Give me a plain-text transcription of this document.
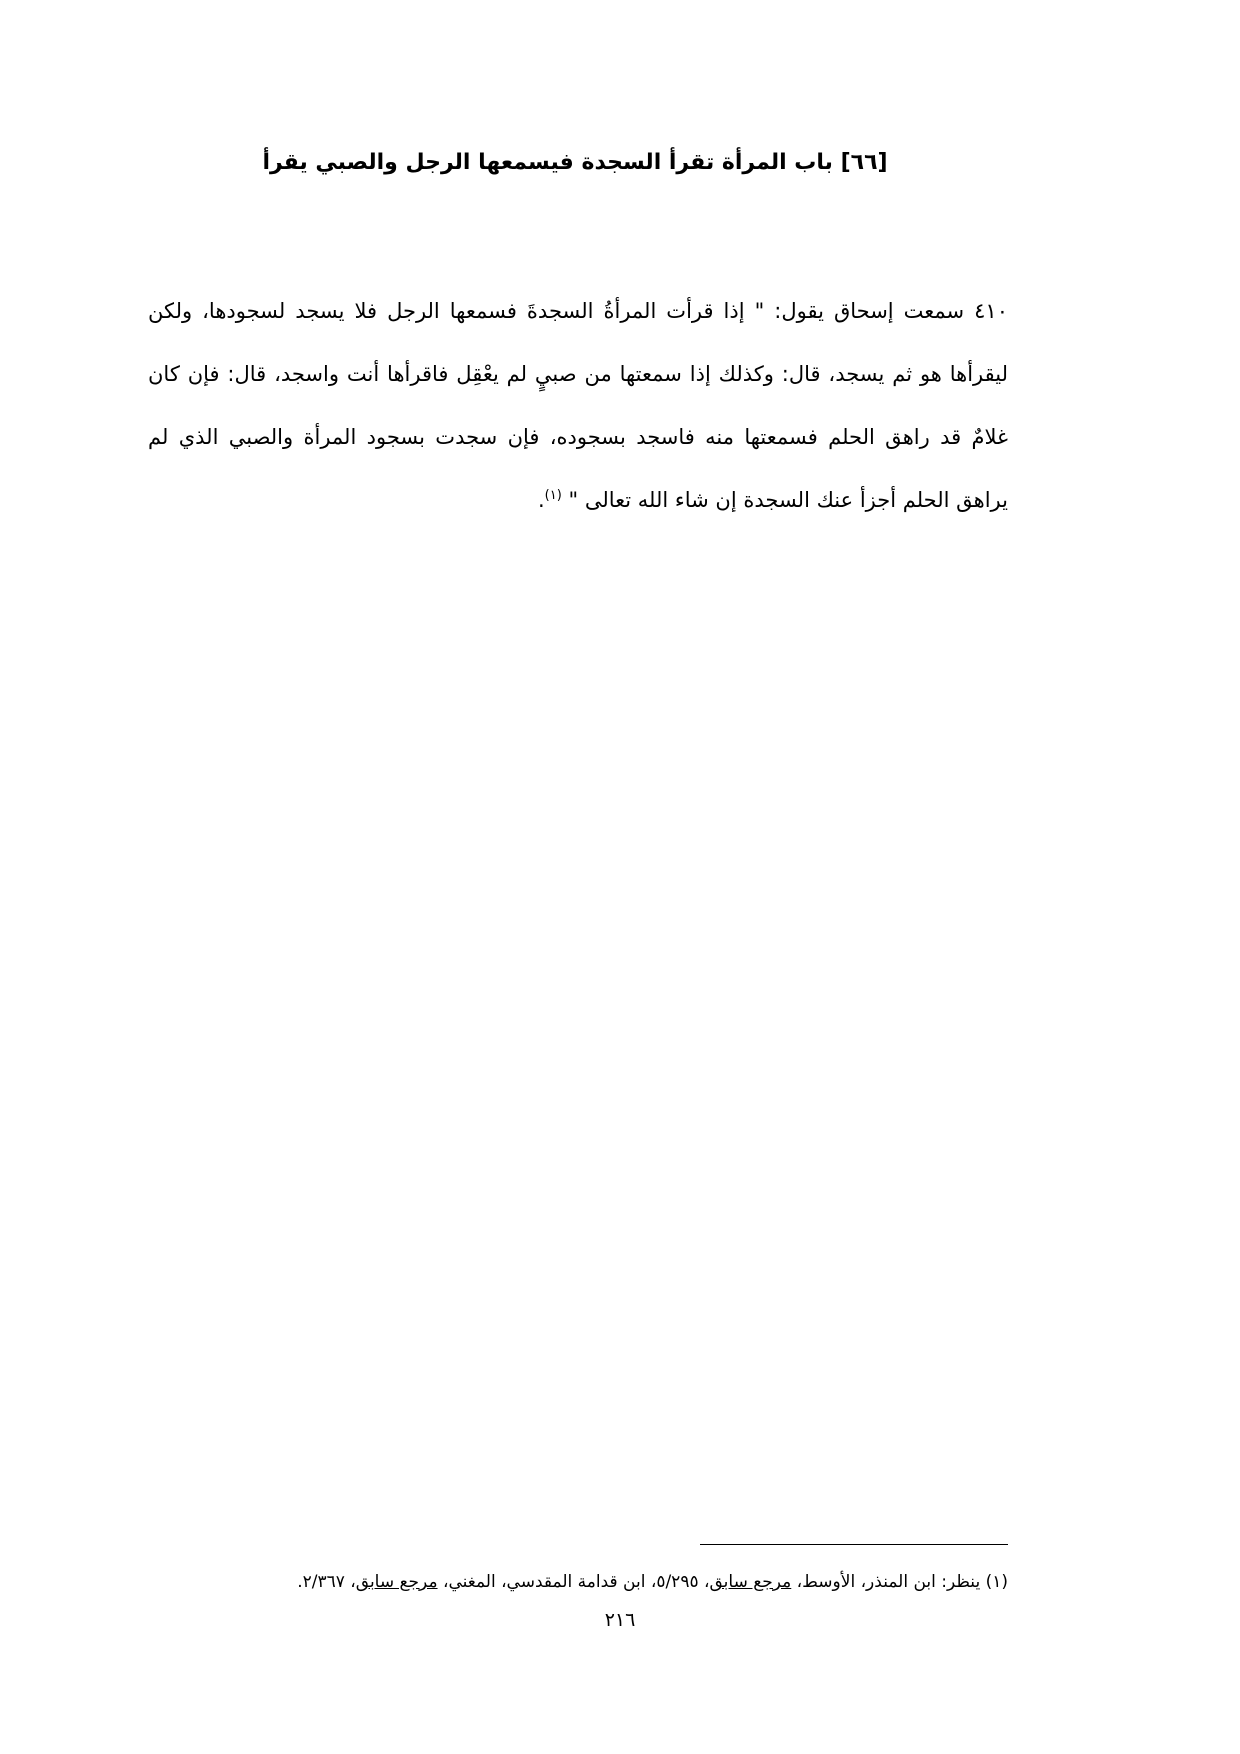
[٦٦] باب المرأة تقرأ السجدة فيسمعها الرجل والصبي يقرأ
٤١٠ سمعت إسحاق يقول: " إذا قرأت المرأةُ السجدةَ فسمعها الرجل فلا يسجد لسجودها، ولكن ليقرأها هو ثم يسجد، قال: وكذلك إذا سمعتها من صبيٍ لم يعْقِل فاقرأها أنت واسجد، قال: فإن كان غلامٌ قد راهق الحلم فسمعتها منه فاسجد بسجوده، فإن سجدت بسجود المرأة والصبي الذي لم يراهق الحلم أجزأ عنك السجدة إن شاء الله تعالى " $^{(١)}$.
(١) ينظر: ابن المنذر، الأوسط، مرجع سابق، ٥/٢٩٥، ابن قدامة المقدسي، المغني، مرجع سابق، ٢/٣٦٧.
٢١٦
